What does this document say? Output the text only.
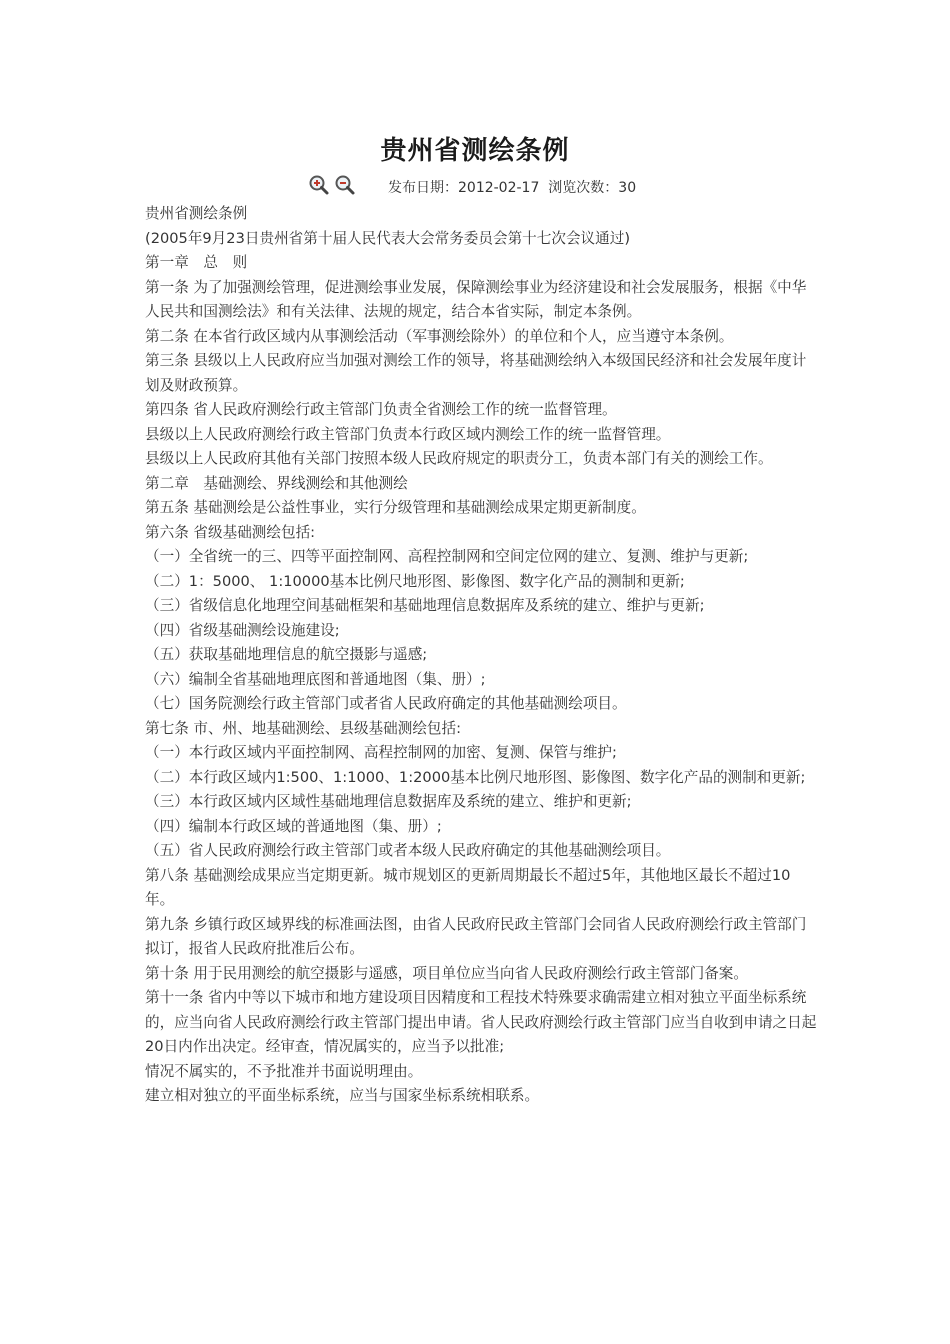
贵州省测绘条例
发布日期：2012-02-17 浏览次数：30

贵州省测绘条例

(2005年9月23日贵州省第十届人民代表大会常务委员会第十七次会议通过)

第一章　总　则

第一条 为了加强测绘管理，促进测绘事业发展，保障测绘事业为经济建设和社会发展服务，根据《中华人民共和国测绘法》和有关法律、法规的规定，结合本省实际，制定本条例。

第二条 在本省行政区域内从事测绘活动（军事测绘除外）的单位和个人，应当遵守本条例。

第三条 县级以上人民政府应当加强对测绘工作的领导，将基础测绘纳入本级国民经济和社会发展年度计划及财政预算。

第四条 省人民政府测绘行政主管部门负责全省测绘工作的统一监督管理。

县级以上人民政府测绘行政主管部门负责本行政区域内测绘工作的统一监督管理。

县级以上人民政府其他有关部门按照本级人民政府规定的职责分工，负责本部门有关的测绘工作。

第二章　基础测绘、界线测绘和其他测绘

第五条 基础测绘是公益性事业，实行分级管理和基础测绘成果定期更新制度。

第六条 省级基础测绘包括:

（一）全省统一的三、四等平面控制网、高程控制网和空间定位网的建立、复测、维护与更新;

（二）1：5000、 1:10000基本比例尺地形图、影像图、数字化产品的测制和更新;

（三）省级信息化地理空间基础框架和基础地理信息数据库及系统的建立、维护与更新;

（四）省级基础测绘设施建设;

（五）获取基础地理信息的航空摄影与遥感;

（六）编制全省基础地理底图和普通地图（集、册）;

（七）国务院测绘行政主管部门或者省人民政府确定的其他基础测绘项目。

第七条 市、州、地基础测绘、县级基础测绘包括:

（一）本行政区域内平面控制网、高程控制网的加密、复测、保管与维护;

（二）本行政区域内1:500、1:1000、1:2000基本比例尺地形图、影像图、数字化产品的测制和更新;

（三）本行政区域内区域性基础地理信息数据库及系统的建立、维护和更新;

（四）编制本行政区域的普通地图（集、册）;

（五）省人民政府测绘行政主管部门或者本级人民政府确定的其他基础测绘项目。

第八条 基础测绘成果应当定期更新。城市规划区的更新周期最长不超过5年，其他地区最长不超过10年。

第九条 乡镇行政区域界线的标准画法图，由省人民政府民政主管部门会同省人民政府测绘行政主管部门拟订，报省人民政府批准后公布。

第十条 用于民用测绘的航空摄影与遥感，项目单位应当向省人民政府测绘行政主管部门备案。

第十一条 省内中等以下城市和地方建设项目因精度和工程技术特殊要求确需建立相对独立平面坐标系统的，应当向省人民政府测绘行政主管部门提出申请。省人民政府测绘行政主管部门应当自收到申请之日起20日内作出决定。经审查，情况属实的，应当予以批准;

情况不属实的，不予批准并书面说明理由。

建立相对独立的平面坐标系统，应当与国家坐标系统相联系。
